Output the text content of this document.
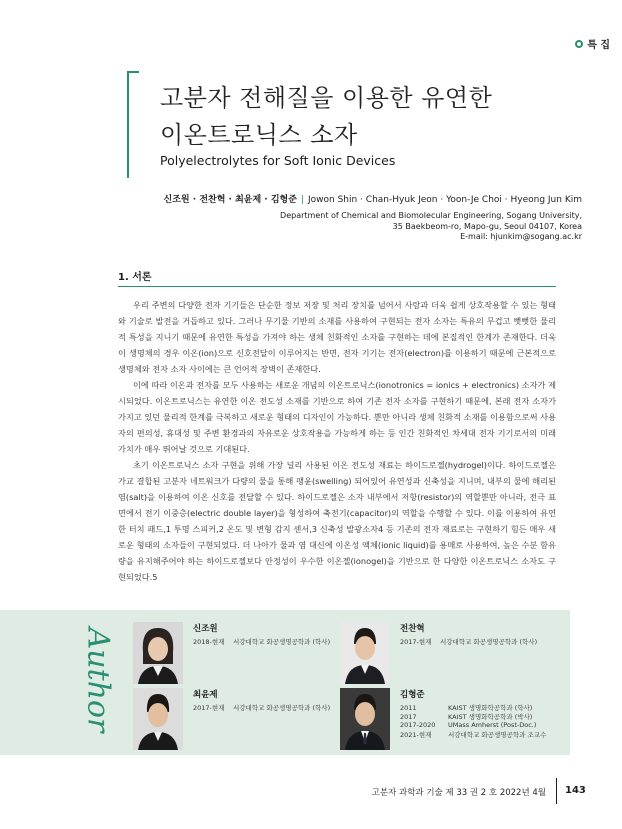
특 집
고분자 전해질을 이용한 유연한
이온트로닉스 소자
Polyelectrolytes for Soft Ionic Devices
신조원 · 전찬혁 · 최윤제 · 김형준 | Jowon Shin · Chan-Hyuk Jeon · Yoon-Je Choi · Hyeong Jun Kim
Department of Chemical and Biomolecular Engineering, Sogang University,
35 Baekbeom-ro, Mapo-gu, Seoul 04107, Korea
E-mail: hjunkim@sogang.ac.kr
1. 서론

우리 주변의 다양한 전자 기기들은 단순한 정보 저장 및 처리 장치를 넘어서 사람과 더욱 쉽게 상호작용할 수 있는 형태와 기술로 발전을 거듭하고 있다. 그러나 무기물 기반의 소재를 사용하여 구현되는 전자 소자는 특유의 무겁고 뻣뻣한 물리적 특성을 지니기 때문에 유연한 특성을 가져야 하는 생체 친화적인 소자를 구현하는 데에 본질적인 한계가 존재한다. 더욱이 생명체의 경우 이온(ion)으로 신호전달이 이루어지는 반면, 전자 기기는 전자(electron)를 이용하기 때문에 근본적으로 생명체와 전자 소자 사이에는 큰 언어적 장벽이 존재한다.

이에 따라 이온과 전자를 모두 사용하는 새로운 개념의 이온트로닉스(ionotronics = ionics + electronics) 소자가 제시되었다. 이온트로닉스는 유연한 이온 전도성 소재를 기반으로 하여 기존 전자 소자를 구현하기 때문에, 본래 전자 소자가 가지고 있던 물리적 한계를 극복하고 새로운 형태의 디자인이 가능하다. 뿐만 아니라 생체 친화적 소재를 이용함으로써 사용자의 편의성, 휴대성 및 주변 환경과의 자유로운 상호작용을 가능하게 하는 등 인간 친화적인 차세대 전자 기기로서의 미래가치가 매우 뛰어날 것으로 기대된다.

초기 이온트로닉스 소자 구현을 위해 가장 널리 사용된 이온 전도성 재료는 하이드로젤(hydrogel)이다. 하이드로젤은 가교 결합된 고분자 네트워크가 다량의 물을 통해 팽윤(swelling) 되어있어 유연성과 신축성을 지니며, 내부의 물에 해리된 염(salt)을 이용하여 이온 신호를 전달할 수 있다. 하이드로젤은 소자 내부에서 저항(resistor)의 역할뿐만 아니라, 전극 표면에서 전기 이중층(electric double layer)을 형성하여 축전기(capacitor)의 역할을 수행할 수 있다. 이를 이용하여 유연한 터치 패드,1 투명 스피커,2 온도 및 변형 감지 센서,3 신축성 발광소자4 등 기존의 전자 재료로는 구현하기 힘든 매우 새로운 형태의 소자들이 구현되었다. 더 나아가 물과 염 대신에 이온성 액체(ionic liquid)를 용매로 사용하여, 높은 수분 함유량을 유지해주어야 하는 하이드로젤보다 안정성이 우수한 이온젤(ionogel)을 기반으로 한 다양한 이온트로닉스 소자도 구현되었다.5

Author	신조원
2018-현재 서강대학교 화공생명공학과 (학사)
전찬혁
2017-현재 서강대학교 화공생명공학과 (학사)
최윤제
2017-현재 서강대학교 화공생명공학과 (학사)
김형준
2011	KAIST 생명화학공학과 (학사)
2017	KAIST 생명화학공학과 (박사)
2017-2020 UMass Amherst (Post-Doc.)
2021-현재	서강대학교 화공생명공학과 조교수
고분자 과학과 기술 제 33 권 2 호 2022년 4월 143
